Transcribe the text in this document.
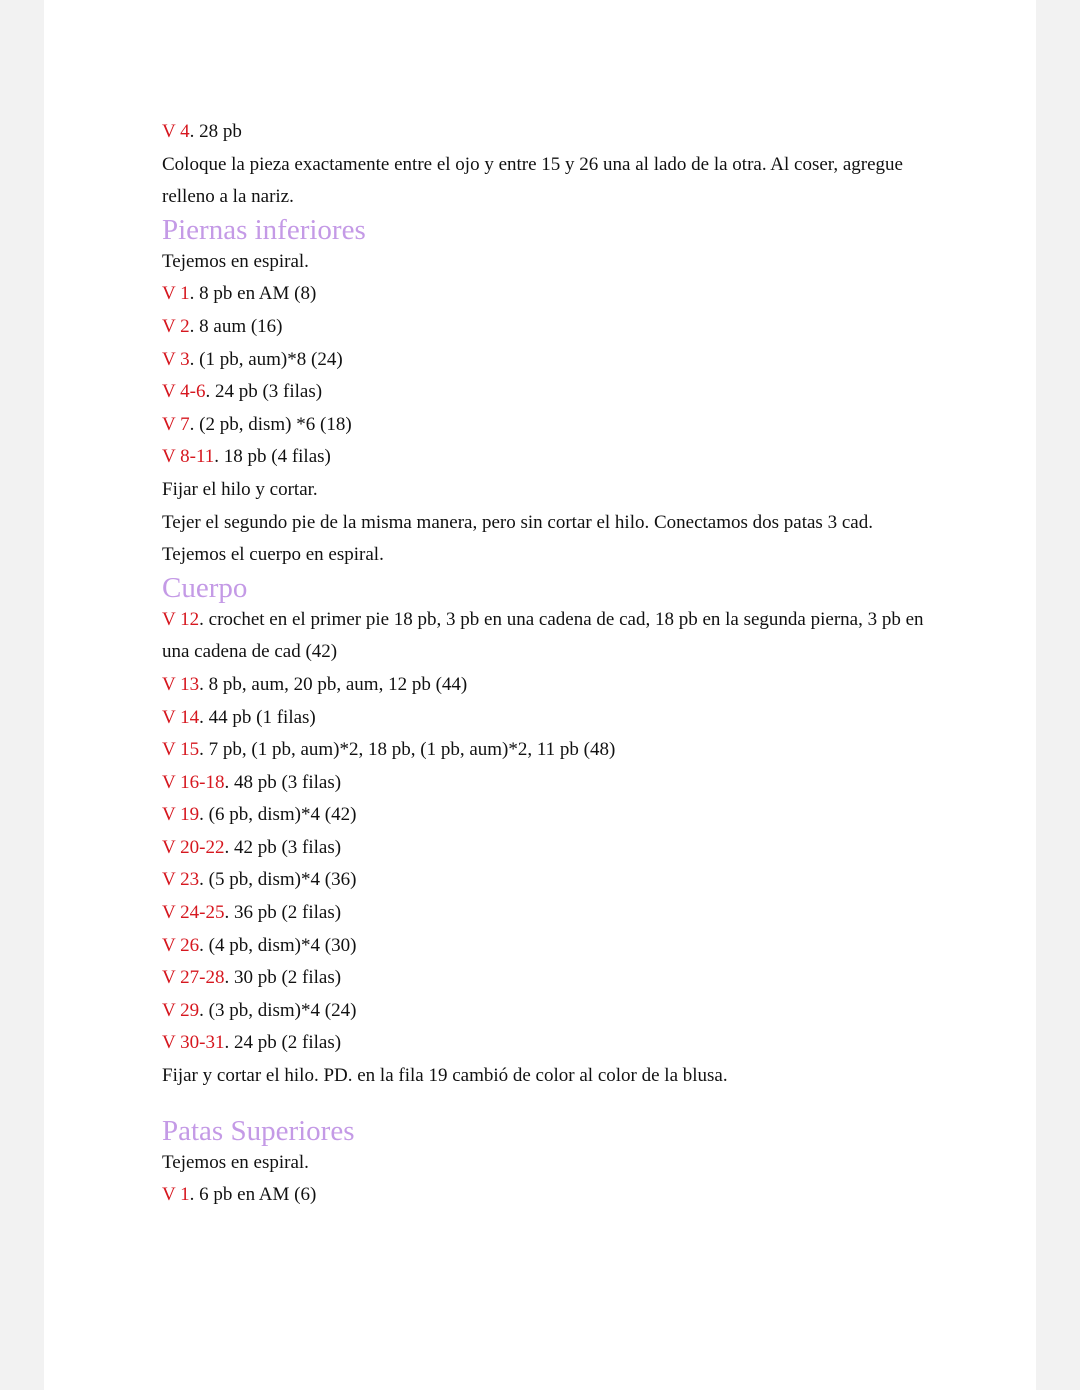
V 4. 28 pb
Coloque la pieza exactamente entre el ojo y entre 15 y 26 una al lado de la otra. Al coser, agregue relleno a la nariz.
Piernas inferiores
Tejemos en espiral.
V 1. 8 pb en AM (8)
V 2. 8 aum (16)
V 3. (1 pb, aum)*8 (24)
V 4-6. 24 pb (3 filas)
V 7. (2 pb, dism) *6 (18)
V 8-11. 18 pb (4 filas)
Fijar el hilo y cortar.
Tejer el segundo pie de la misma manera, pero sin cortar el hilo. Conectamos dos patas 3 cad.
Tejemos el cuerpo en espiral.
Cuerpo
V 12. crochet en el primer pie 18 pb, 3 pb en una cadena de cad, 18 pb en la segunda pierna, 3 pb en una cadena de cad (42)
V 13. 8 pb, aum, 20 pb, aum, 12 pb (44)
V 14. 44 pb (1 filas)
V 15. 7 pb, (1 pb, aum)*2, 18 pb, (1 pb, aum)*2, 11 pb (48)
V 16-18. 48 pb (3 filas)
V 19. (6 pb, dism)*4 (42)
V 20-22. 42 pb (3 filas)
V 23. (5 pb, dism)*4 (36)
V 24-25. 36 pb (2 filas)
V 26. (4 pb, dism)*4 (30)
V 27-28. 30 pb (2 filas)
V 29. (3 pb, dism)*4 (24)
V 30-31. 24 pb (2 filas)
Fijar y cortar el hilo. PD. en la fila 19 cambió de color al color de la blusa.
Patas Superiores
Tejemos en espiral.
V 1. 6 pb en AM (6)
